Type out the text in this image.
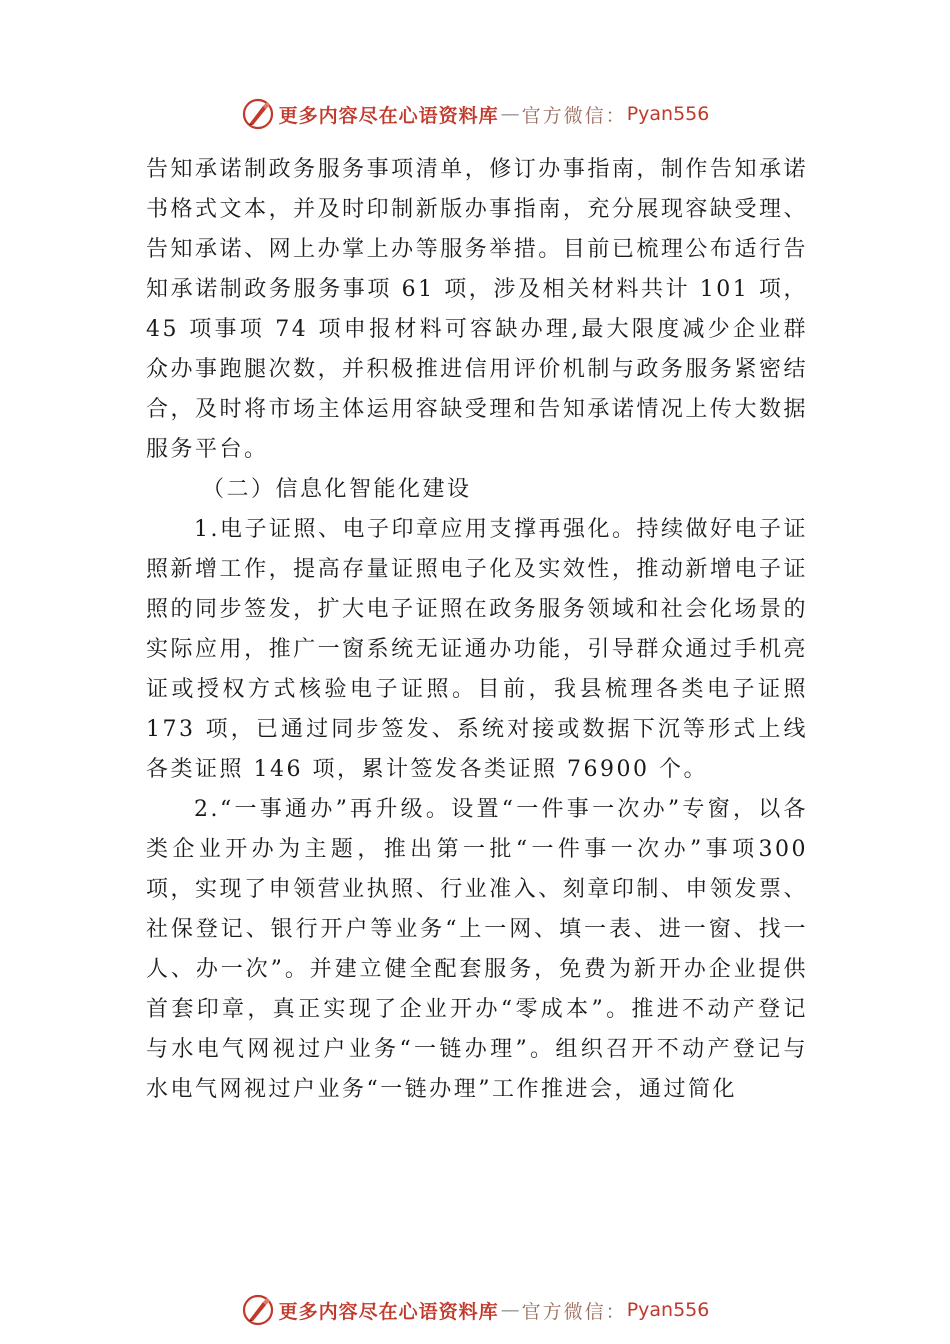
更多内容尽在心语资料库 — 官方微信： Pyan556

告知承诺制政务服务事项清单，修订办事指南，制作告知承诺书格式文本，并及时印制新版办事指南，充分展现容缺受理、告知承诺、网上办掌上办等服务举措。目前已梳理公布适行告知承诺制政务服务事项 61 项，涉及相关材料共计 101 项，45 项事项 74 项申报材料可容缺办理,最大限度减少企业群众办事跑腿次数，并积极推进信用评价机制与政务服务紧密结合，及时将市场主体运用容缺受理和告知承诺情况上传大数据服务平台。

（二）信息化智能化建设

1.电子证照、电子印章应用支撑再强化。持续做好电子证照新增工作，提高存量证照电子化及实效性，推动新增电子证照的同步签发，扩大电子证照在政务服务领域和社会化场景的实际应用，推广一窗系统无证通办功能，引导群众通过手机亮证或授权方式核验电子证照。目前，我县梳理各类电子证照 173 项，已通过同步签发、系统对接或数据下沉等形式上线各类证照 146 项，累计签发各类证照 76900 个。

2.“一事通办”再升级。设置“一件事一次办”专窗，以各类企业开办为主题，推出第一批“一件事一次办”事项300 项，实现了申领营业执照、行业准入、刻章印制、申领发票、社保登记、银行开户等业务“上一网、填一表、进一窗、找一人、办一次”。并建立健全配套服务，免费为新开办企业提供首套印章，真正实现了企业开办“零成本”。推进不动产登记与水电气网视过户业务“一链办理”。组织召开不动产登记与水电气网视过户业务“一链办理”工作推进会，通过简化

更多内容尽在心语资料库 — 官方微信： Pyan556
